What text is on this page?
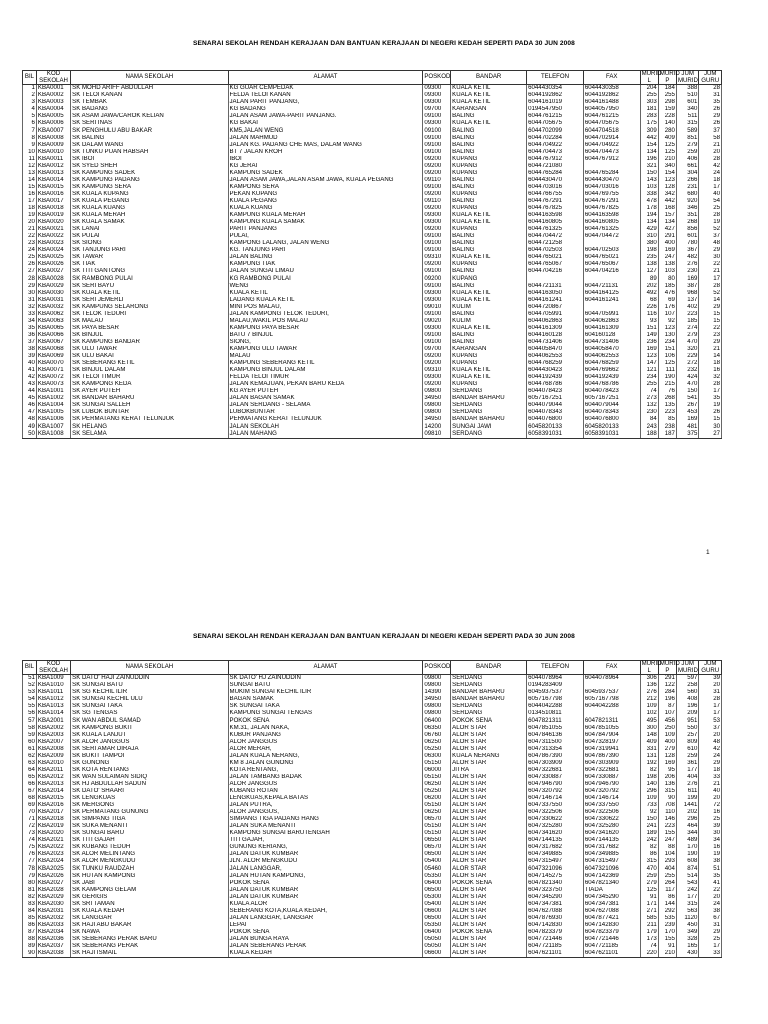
SENARAI SEKOLAH RENDAH KERAJAAN DAN BANTUAN KERAJAAN DI NEGERI KEDAH SEPERTI PADA 30 JUN 2008
BIL	KOD SEKOLAH	NAMA SEKOLAH	ALAMAT	POSKOD	BANDAR	TELEFON	FAX	MURID L	MURID P	JUM MURID	JUM GURU
1	KBA0001	SK MOHD ARIFF ABDULLAH	KG GUAR CEMPEDAK	09300	KUALA KETIL	6044430354	6044430358	204	184	388	28
2	KBA0002	SK TELOI KANAN	FELDA TELOI KANAN	09300	KUALA KETIL	6044192862	6044192862	255	255	510	31
3	KBA0003	SK TEMBAK	JALAN PARIT PANJANG,	09300	KUALA KETIL	6044161019	6044161488	303	298	601	35
4	KBA0004	SK BADANG	KG BADANG	09700	KARANGAN	0194547950	6044057950	181	159	340	26
5	KBA0005	SK ASAM JAWA/CAROK KELIAN	JALAN ASAM JAWA-PARIT PANJANG.	09100	BALING	6044761215	6044761215	283	228	511	29
6	KBA0006	SK SERI INAS	KG BAKAI	09300	KUALA KETIL	6044705675	6044705675	175	140	315	26
7	KBA0007	SK PENGHULU ABU BAKAR	KM5,JALAN WENG	09100	BALING	6044702099	6044704518	309	280	589	37
8	KBA0008	SK BALING	JALAN MAHMUD	09100	BALING	6044702284	6044702914	442	409	851	58
9	KBA0009	SK DALAM WANG	JALAN KG. PADANG CHE MAS, DALAM WANG	09100	BALING	6044704922	6044704922	154	125	279	21
10	KBA0010	SK TUNKU PUAN HABSAH	BT 7 JALAN KROH	09100	BALING	6044704473	6044704473	134	125	259	20
11	KBA0011	SK IBOI	IBOI	09200	KUPANG	6044767912	6044767912	196	210	406	28
12	KBA0012	SK SYED SHEH	KG JERAI	09200	KUPANG	6044721080		321	340	661	42
13	KBA0013	SK KAMPUNG SADEK	KAMPUNG SADEK	09200	KUPANG	6044765284	6044765284	150	154	304	24
14	KBA0014	SK KAMPUNG PADANG	JALAN ASAM JAWA,JALAN ASAM JAWA, KUALA PEGANG	09110	BALING	6044430470	6044430470	143	123	266	18
15	KBA0015	SK KAMPUNG SERA	KAMPONG SERA	09100	BALING	6044703016	6044703016	103	128	231	17
16	KBA0016	SK KUALA KUPANG	PEKAN KUPANG	09200	KUPANG	6044766755	6044769755	338	342	680	40
17	KBA0017	SK KUALA PEGANG	KUALA PEGANG	09110	BALING	6044767291	6044767291	478	442	920	54
18	KBA0018	SK KUALA KUANG	KUALA KUANG	09200	KUPANG	6044767825	6044767825	178	168	346	25
19	KBA0019	SK KUALA MERAH	KAMPUNG KUALA MERAH	09300	KUALA KETIL	6044163598	6044163598	194	157	351	28
20	KBA0020	SK KUALA SAMAK	KAMPUNG KUALA SAMAK	09300	KUALA KETIL	6044160805	6044160805	134	134	268	19
21	KBA0021	SK LANAI	PARIT PANJANG	09200	KUPANG	6044761325	6044761325	429	427	856	52
22	KBA0022	SK PULAI	PULAI,	09100	BALING	6044704472	6044704472	310	291	601	37
23	KBA0023	SK SIONG	KAMPONG LALANG, JALAN WENG	09100	BALING	6044721258		380	400	780	48
24	KBA0024	SK TANJUNG PARI	KG. TANJUNG PARI	09100	BALING	6044702503	6044702503	198	169	367	29
25	KBA0025	SK TAWAR	JALAN BALING	09310	KUALA KETIL	6044765021	6044765021	235	247	482	30
26	KBA0026	SK TIAK	KAMPUNG TIAK	09200	KUPANG	6044765067	6044765067	138	138	276	22
27	KBA0027	SK TITI GANTONG	JALAN SUNGAI LIMAU	09100	BALING	6044704216	6044704216	127	103	230	21
28	KBA0028	SK RAMBONG PULAI	KG RAMBONG PULAI	09200	KUPANG			89	80	169	17
29	KBA0029	SK SERI BAYU	WENG	09100	BALING	6044721131	6044721131	202	185	387	28
30	KBA0030	SK KUALA KETIL	KUALA KETIL	09300	KUALA KETIL	6044163050	6044164125	492	476	968	52
31	KBA0031	SK SERI JEMERLI	LADANG KUALA KETIL	09300	KUALA KETIL	6044161241	6044161241	68	69	137	14
32	KBA0032	SK KAMPUNG SELARONG	MINI POS MALAU,	09010	KULIM	6044720867		226	176	402	29
33	KBA0062	SK TELOK TEDURI	JALAN KAMPONG TELOK TEDURI,	09100	BALING	6044705991	6044705991	116	107	223	15
34	KBA0063	SK MALAU	MALAU,WAKIL POS MALAU	09020	KULIM	6044062863	6044062863	93	92	185	15
35	KBA0065	SK PAYA BESAR	KAMPUNG PAYA BESAR	09300	KUALA KETIL	6044161309	6044161309	151	123	274	22
36	KBA0066	SK BINJUL	BATU 7 BINJUL	09100	BALING	6044160128	604160128	149	130	279	23
37	KBA0067	SK KAMPUNG BANDAR	SIONG,	09100	BALING	6044731406	6044731406	236	234	470	29
38	KBA0068	SK ULU TAWAR	KAMPUNG ULU TAWAR	09700	KARANGAN	6044058470	6044058470	169	151	320	21
39	KBA0069	SK ULU BAKAI	MALAU	09200	KUPANG	6044062553	6044062553	123	106	229	14
40	KBA0070	SK SEBERANG KETIL	KAMPUNG SEBERANG KETIL	09200	KUPANG	6044768259	6044768259	147	125	272	18
41	KBA0071	SK BINJUL DALAM	KAMPUNG BINJUL DALAM	09310	KUALA KETIL	6044430423	6044769662	121	111	232	16
42	KBA0072	SK TELOI TIMUR	FELDA TELOI TIMUR	09300	KUALA KETIL	6044192439	6044192439	234	190	424	32
43	KBA0073	SK KAMPONG KEDA	JALAN KEMAJUAN, PEKAN BARU KEDA	09200	KUPANG	6044768786	6044768786	255	215	470	28
44	KBA1001	SK AYER PUTEH	KG AYER PUTEH	09800	SERDANG	6044078423	6044078423	74	76	150	17
45	KBA1002	SK BANDAR BAHARU	JALAN BAGAN SAMAK	34950	BANDAR BAHARU	6057167251	6057167251	273	268	541	35
46	KBA1004	SK SUNGAI SALLEH	JALAN SERDANG - SELAMA	09800	SERDANG	6044079044	6044079044	132	135	267	19
47	KBA1005	SK LUBOK BUNTAR	LUBOKBUNTAR	09800	SERDANG	6044078343	6044078343	230	223	453	26
48	KBA1006	SK PERMATANG KERAT TELUNJUK	PERMATANG KERAT TELUNJUK	34950	BANDAR BAHARU	6044076800	6044076800	84	85	169	15
49	KBA1007	SK HELANG	JALAN SEKOLAH	14200	SUNGAI JAWI	6045820133	6045820133	243	238	481	30
50	KBA1008	SK SELAMA	JALAN MAHANG	09810	SERDANG	6058391031	6058391031	188	187	375	27
1
SENARAI SEKOLAH RENDAH KERAJAAN DAN BANTUAN KERAJAAN DI NEGERI KEDAH SEPERTI PADA 30 JUN 2008
BIL	KOD SEKOLAH	NAMA SEKOLAH	ALAMAT	POSKOD	BANDAR	TELEFON	FAX	MURID L	MURID P	JUM MURID	JUM GURU
51	KBA1009	SK DATO' HAJI ZAINUDDIN	SK DATO' HJ ZAINUDDIN	09800	SERDANG	6044078964	6044078964	306	291	597	39
52	KBA1010	SK SUNGAI BATU	SUNGAI BATU	09800	SERDANG	0194283409		136	122	258	20
53	KBA1011	SK SG KECHIL ILIR	MUKIM SUNGAI KECHIL ILIR	14390	BANDAR BAHARU	6045937537	6045937537	276	284	560	31
54	KBA1012	SK SUNGAI KECHIL ULU	BAGAN SAMAK	34950	BANDAR BAHARU	6057167798	6057167798	212	196	408	28
55	KBA1013	SK SUNGAI TAKA	SK SUNGAI TAKA	09800	SERDANG	6044042288	6044042288	109	87	196	17
56	KBA1014	SK SG TENGAS	KAMPUNG SUNGAI TENGAS	09800	SERDANG	0134510811		102	107	209	17
57	KBA2001	SK WAN ABDUL SAMAD	POKOK SENA	06400	POKOK SENA	6047821311	6047821311	495	456	951	53
58	KBA2002	SK KAMPONG BUKIT	KM.31, JALAN NAKA,	06350	ALOR STAR	6047851055	6047851055	300	250	550	37
59	KBA2003	SK KUALA LANJUT	KUBUR PANJANG	06760	ALOR STAR	6047846136	6047847904	148	109	257	20
60	KBA2007	SK ALOR JANGGUS	ALOR JANGGUS	06250	ALOR STAR	6047311500	6047328197	409	400	809	48
61	KBA2008	SK SERI AMAR DIRAJA	ALOR MERAH,	05250	ALOR STAR	6047313354	6047319941	331	279	610	42
62	KBA2009	SK BUKIT TAMPOI	JALAN KUALA NERANG,	06300	KUALA NERANG	6047867390	6047867390	131	128	259	24
63	KBA2010	SK GUNONG	KM 8 JALAN GUNONG	05150	ALOR STAR	6047303909	6047303909	192	169	361	29
64	KBA2011	SK KOTA RENTANG	KOTA RENTANG,	06000	JITRA	6047322681	6047322681	82	95	177	18
65	KBA2012	SK WAN SULAIMAN SIDIQ	JALAN TAMBANG BADAK	05150	ALOR STAR	6047330887	6047330887	198	206	404	33
66	KBA2013	SK HJ ABDULLAH SADUN	ALOR JANGGUS	06250	ALOR STAR	6047946790	6047946790	140	136	276	21
67	KBA2014	SK DATO' SHAARI	KUBANG ROTAN	05250	ALOR STAR	6047320792	6047320792	296	315	611	40
68	KBA2015	SK LENGKUAS	LENGKUAS,KEPALA BATAS	06200	ALOR STAR	6047146714	6047146714	109	90	199	20
69	KBA2016	SK MERGONG	JALAN PUTRA,	05150	ALOR STAR	6047337550	6047337550	733	708	1441	72
70	KBA2017	SK PERMATANG GUNUNG	ALOR JANGGUS,	06250	ALOR STAR	6047322506	6047322506	92	110	202	16
71	KBA2018	SK SIMPANG TIGA	SIMPANG TIGA PADANG HANG	06570	ALOR STAR	6047330622	6047330622	150	146	296	25
72	KBA2019	SK SUKA MENANTI	JALAN SUKA MENANTI	05150	ALOR STAR	6047325280	6047325280	241	223	464	39
73	KBA2020	SK SUNGAI BARU	KAMPONG SUNGAI BARUTENGAH	05150	ALOR STAR	6047341620	6047341620	189	155	344	30
74	KBA2021	SK TITI GAJAH	TITI GAJAH,	06550	ALOR STAR	6047144135	6047144135	242	247	489	34
75	KBA2022	SK KUBANG TEDUH	GUNUNG KERIANG,	06570	ALOR STAR	6047317682	6047317682	82	88	170	16
76	KBA2023	SK ALOR MELINTANG	JALAN DATUK KUMBAR	06500	ALOR STAR	6047349885	6047349885	86	104	190	19
77	KBA2024	SK ALOR MENGKUDU	JLN. ALOR MENGKUDU	05400	ALOR STAR	6047315497	6047315497	315	293	608	38
78	KBA2025	SK TUNKU RAUDZAH	JALAN LANGGAR,	05460	ALOR STAR	6047321096	6047321096	470	404	874	51
79	KBA2026	SK HUTAN KAMPONG	JALAN HUTAN KAMPONG,	05350	ALOR STAR	6047145275	6047142369	259	255	514	35
80	KBA2027	SK JABI	POKOK SENA	06400	POKOK SENA	6047821340	6047821340	279	264	543	41
81	KBA2028	SK KAMPONG GELAM	JALAN DATUK KUMBAR	06500	ALOR STAR	6047323750	TIADA	125	117	242	22
82	KBA2029	SK GERIGIS	JALAN DATUK KUMBAR	05300	ALOR STAR	6047345290	6047345290	91	86	177	20
83	KBA2030	SK SRI TAMAN	KUALA ALOR	05400	ALOR STAR	6047347381	6047347381	171	144	315	24
84	KBA2031	SK KUALA KEDAH	SEBERANG KOTA,KUALA KEDAH,	06600	ALOR STAR	6047627088	6047627088	271	292	563	38
85	KBA2032	SK LANGGAR	JALAN LANGGAR, LANGGAR	06500	ALOR STAR	6047876930	6047877421	585	535	1120	67
86	KBA2033	SK HAJI ABU BAKAR	LEPAI	05350	ALOR STAR	6047142830	6047142830	211	239	450	31
87	KBA2034	SK NAWA	POKOK SENA	06400	POKOK SENA	6047823379	6047823379	179	170	349	29
88	KBA2036	SK SEBERANG PERAK BARU	JALAN BUNGA RAYA	05050	ALOR STAR	6047721446	6047721446	173	155	328	25
89	KBA2037	SK SEBERANG PERAK	JALAN SEBERANG PERAK	05050	ALOR STAR	6047721185	6047721185	74	91	165	17
90	KBA2038	SK HAJI ISMAIL	KUALA KEDAH	06600	ALOR STAR	6047621101	6047621101	220	210	430	33
